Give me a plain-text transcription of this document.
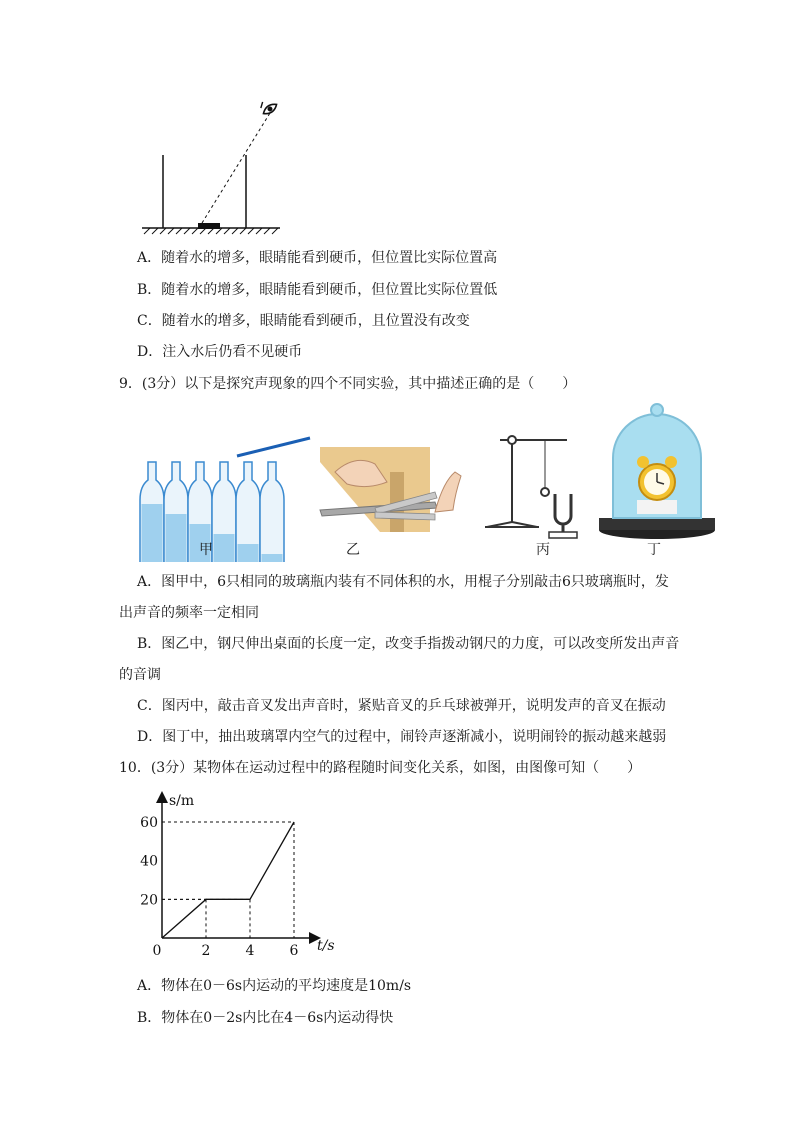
A．随着水的增多，眼睛能看到硬币，但位置比实际位置高
B．随着水的增多，眼睛能看到硬币，但位置比实际位置低
C．随着水的增多，眼睛能看到硬币，且位置没有改变
D．注入水后仍看不见硬币
9．(3分）以下是探究声现象的四个不同实验，其中描述正确的是（　　）
甲	乙	丙	丁
A．图甲中，6只相同的玻璃瓶内装有不同体积的水，用棍子分别敲击6只玻璃瓶时，发
出声音的频率一定相同
B．图乙中，钢尺伸出桌面的长度一定，改变手指拨动钢尺的力度，可以改变所发出声音
的音调
C．图丙中，敲击音叉发出声音时，紧贴音叉的乒乓球被弹开，说明发声的音叉在振动
D．图丁中，抽出玻璃罩内空气的过程中，闹铃声逐渐减小，说明闹铃的振动越来越弱
10．(3分）某物体在运动过程中的路程随时间变化关系，如图，由图像可知（　　）
s/m
t/s
0	2	4	6
20
40
60
A．物体在0－6s内运动的平均速度是10m/s
B．物体在0－2s内比在4－6s内运动得快
